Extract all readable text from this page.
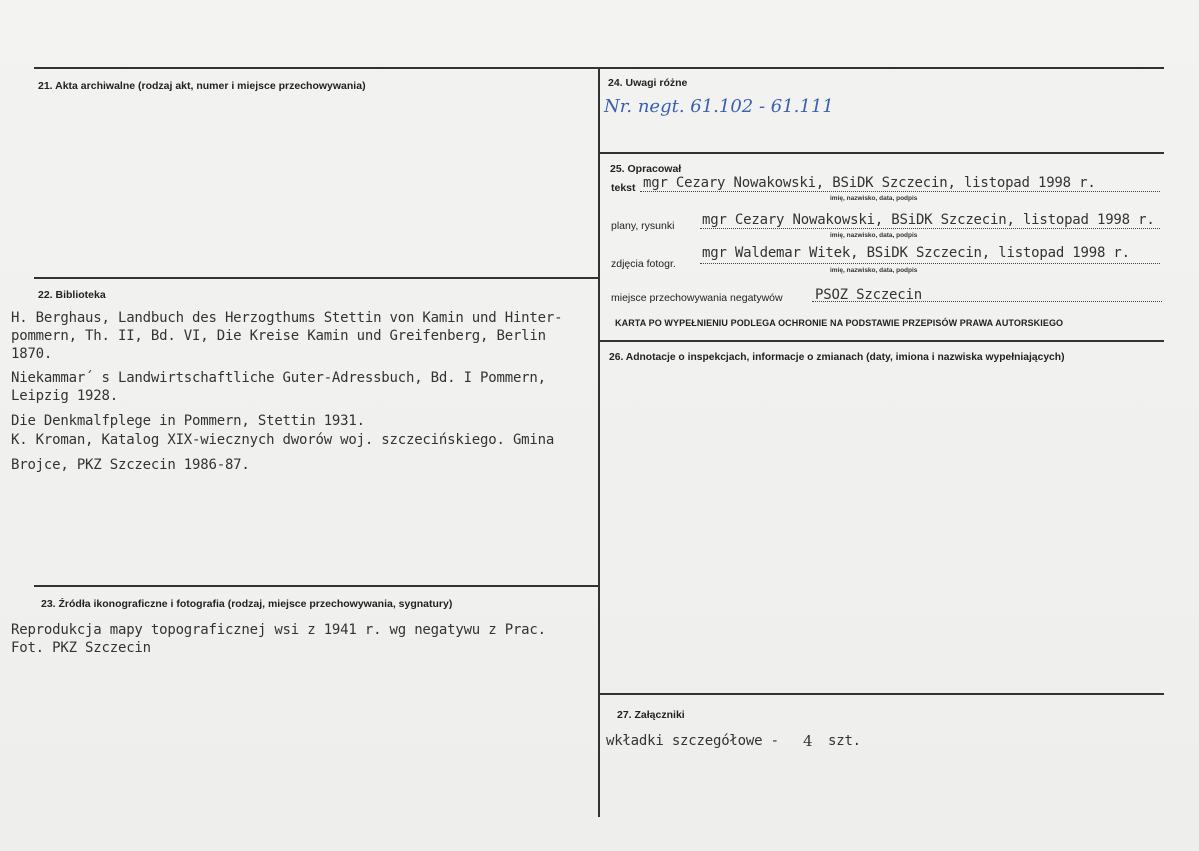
21. Akta archiwalne (rodzaj akt, numer i miejsce przechowywania)
22. Biblioteka
H. Berghaus, Landbuch des Herzogthums Stettin von Kamin und Hinter-
pommern, Th. II, Bd. VI, Die Kreise Kamin und Greifenberg, Berlin
1870.
Niekammar´ s Landwirtschaftliche Guter-Adressbuch, Bd. I Pommern,
Leipzig 1928.
Die Denkmalfplege in Pommern, Stettin 1931.
K. Kroman, Katalog XIX-wiecznych dworów woj. szczecińskiego. Gmina
Brojce, PKZ Szczecin 1986-87.
23. Źródła ikonograficzne i fotografia (rodzaj, miejsce przechowywania, sygnatury)
Reprodukcja mapy topograficznej wsi z 1941 r. wg negatywu z Prac.
Fot. PKZ Szczecin
24. Uwagi różne
Nr. negt. 61.102 - 61.111
25. Opracował
tekst mgr Cezary Nowakowski, BSiDK Szczecin, listopad 1998 r.
imię, nazwisko, data, podpis
plany, rysunki mgr Cezary Nowakowski, BSiDK Szczecin, listopad 1998 r.
imię, nazwisko, data, podpis
zdjęcia fotogr.
mgr Waldemar Witek, BSiDK Szczecin, listopad 1998 r.
imię, nazwisko, data, podpis
miejsce przechowywania negatywów PSOZ Szczecin
KARTA PO WYPEŁNIENIU PODLEGA OCHRONIE NA PODSTAWIE PRZEPISÓW PRAWA AUTORSKIEGO
26. Adnotacje o inspekcjach, informacje o zmianach (daty, imiona i nazwiska wypełniających)
27. Załączniki
wkładki szczegółowe - 4 szt.
